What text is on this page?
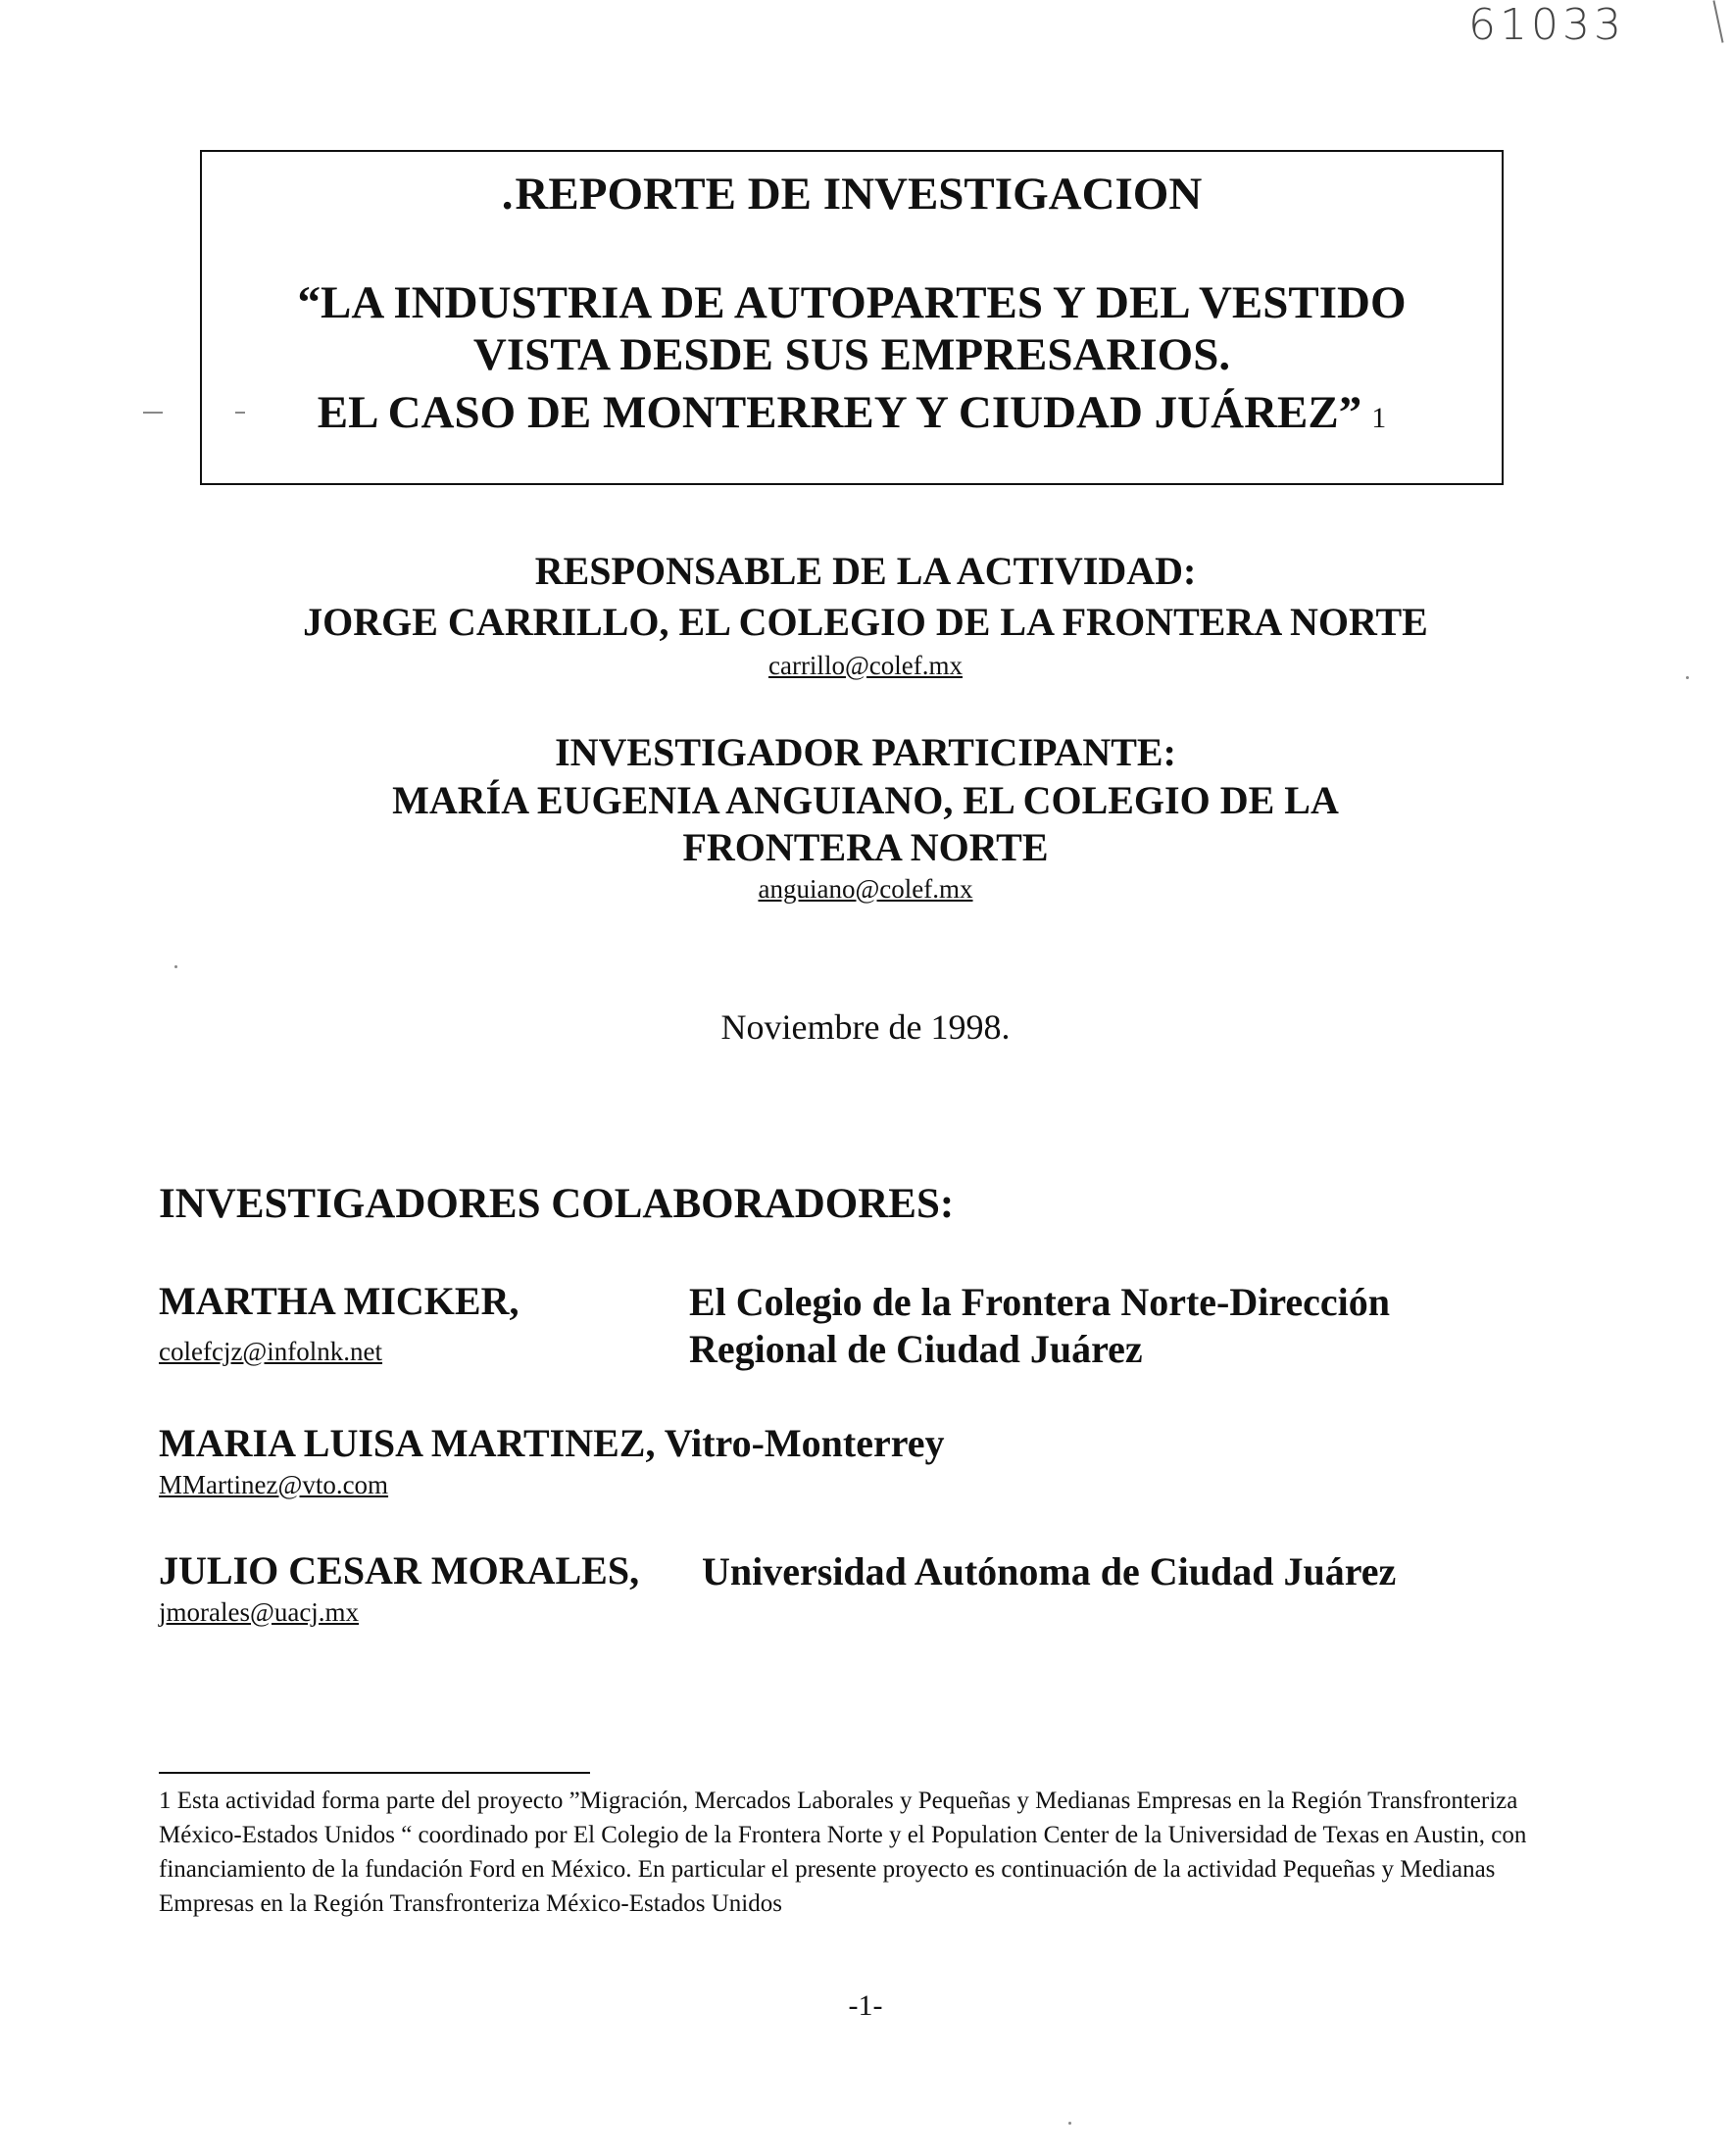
61033
.REPORTE DE INVESTIGACION
“LA INDUSTRIA DE AUTOPARTES Y DEL VESTIDO
VISTA DESDE SUS EMPRESARIOS.
EL CASO DE MONTERREY Y CIUDAD JUÁREZ” 1
RESPONSABLE DE LA ACTIVIDAD:
JORGE CARRILLO, EL COLEGIO DE LA FRONTERA NORTE
carrillo@colef.mx
INVESTIGADOR PARTICIPANTE:
MARÍA EUGENIA ANGUIANO, EL COLEGIO DE LA
FRONTERA NORTE
anguiano@colef.mx
Noviembre de 1998.
INVESTIGADORES COLABORADORES:
MARTHA MICKER,	El Colegio de la Frontera Norte-Dirección
Regional de Ciudad Juárez
colefcjz@infolnk.net
MARIA LUISA MARTINEZ, Vitro-Monterrey
MMartinez@vto.com
JULIO CESAR MORALES, Universidad Autónoma de Ciudad Juárez
jmorales@uacj.mx
1 Esta actividad forma parte del proyecto ”Migración, Mercados Laborales y Pequeñas y Medianas Empresas en la Región Transfronteriza México-Estados Unidos “ coordinado por El Colegio de la Frontera Norte y el Population Center de la Universidad de Texas en Austin, con financiamiento de la fundación Ford en México. En particular el presente proyecto es continuación de la actividad Pequeñas y Medianas Empresas en la Región Transfronteriza México-Estados Unidos
-1-
